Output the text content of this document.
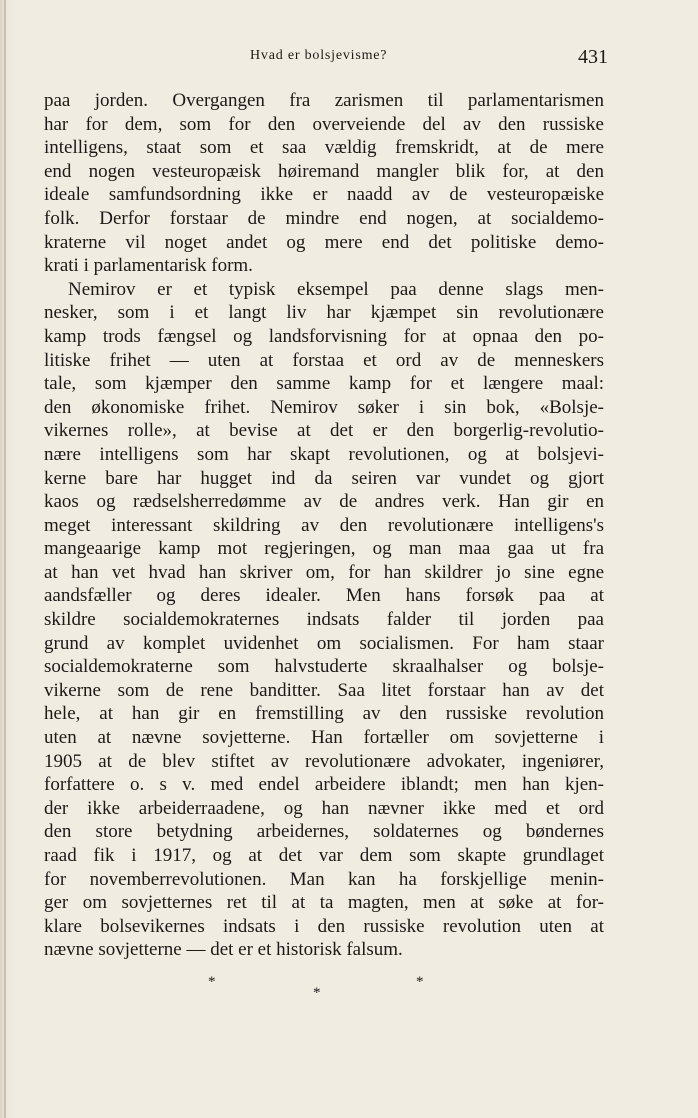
Hvad er bolsjevisme?	431
paa jorden. Overgangen fra zarismen til parlamentarismen
har for dem, som for den overveiende del av den russiske
intelligens, staat som et saa vældig fremskridt, at de mere
end nogen vesteuropæisk høiremand mangler blik for, at den
ideale samfundsordning ikke er naadd av de vesteuropæiske
folk. Derfor forstaar de mindre end nogen, at socialdemo-
kraterne vil noget andet og mere end det politiske demo-
krati i parlamentarisk form.
Nemirov er et typisk eksempel paa denne slags men-
nesker, som i et langt liv har kjæmpet sin revolutionære
kamp trods fængsel og landsforvisning for at opnaa den po-
litiske frihet — uten at forstaa et ord av de menneskers
tale, som kjæmper den samme kamp for et længere maal:
den økonomiske frihet. Nemirov søker i sin bok, «Bolsje-
vikernes rolle», at bevise at det er den borgerlig-revolutio-
nære intelligens som har skapt revolutionen, og at bolsjevi-
kerne bare har hugget ind da seiren var vundet og gjort
kaos og rædselsherredømme av de andres verk. Han gir en
meget interessant skildring av den revolutionære intelligens's
mangeaarige kamp mot regjeringen, og man maa gaa ut fra
at han vet hvad han skriver om, for han skildrer jo sine egne
aandsfæller og deres idealer. Men hans forsøk paa at
skildre socialdemokraternes indsats falder til jorden paa
grund av komplet uvidenhet om socialismen. For ham staar
socialdemokraterne som halvstuderte skraalhalser og bolsje-
vikerne som de rene banditter. Saa litet forstaar han av det
hele, at han gir en fremstilling av den russiske revolution
uten at nævne sovjetterne. Han fortæller om sovjetterne i
1905 at de blev stiftet av revolutionære advokater, ingeniører,
forfattere o. s v. med endel arbeidere iblandt; men han kjen-
der ikke arbeiderraadene, og han nævner ikke med et ord
den store betydning arbeidernes, soldaternes og bøndernes
raad fik i 1917, og at det var dem som skapte grundlaget
for novemberrevolutionen. Man kan ha forskjellige menin-
ger om sovjetternes ret til at ta magten, men at søke at for-
klare bolsevikernes indsats i den russiske revolution uten at
nævne sovjetterne — det er et historisk falsum.
*
*
*
